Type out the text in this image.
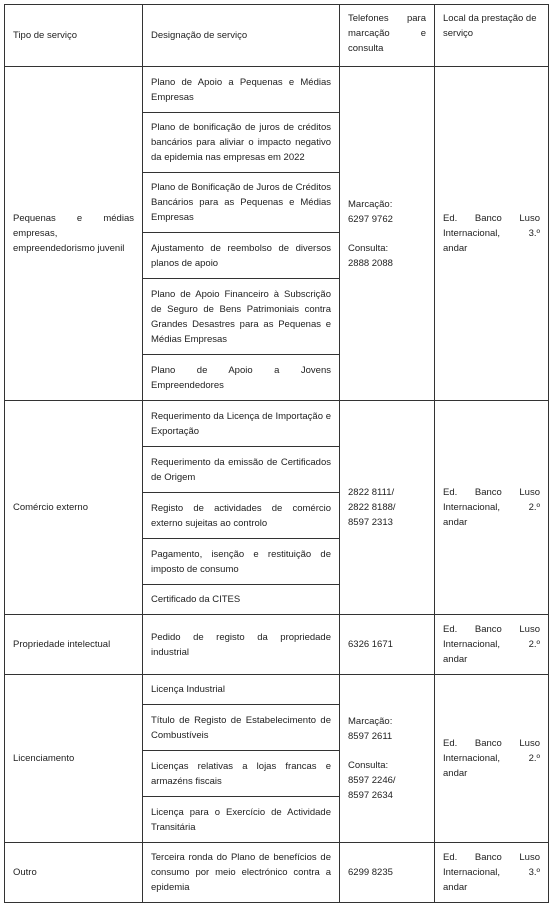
Tipo de serviço	Designação de serviço	Telefones para marcação e consulta	Local da prestação de serviço
Pequenas e médias empresas, empreendedorismo juvenil	Plano de Apoio a Pequenas e Médias Empresas	Marcação:
6297 9762
Consulta:
2888 2088	Ed. Banco Luso Internacional, 3.º andar
	Plano de bonificação de juros de créditos bancários para aliviar o impacto negativo da epidemia nas empresas em 2022		
	Plano de Bonificação de Juros de Créditos Bancários para as Pequenas e Médias Empresas		
	Ajustamento de reembolso de diversos planos de apoio		
	Plano de Apoio Financeiro à Subscrição de Seguro de Bens Patrimoniais contra Grandes Desastres para as Pequenas e Médias Empresas		
	Plano de Apoio a Jovens Empreendedores		
Comércio externo	Requerimento da Licença de Importação e Exportação	2822 8111/
2822 8188/
8597 2313	Ed. Banco Luso Internacional, 2.º andar
	Requerimento da emissão de Certificados de Origem		
	Registo de actividades de comércio externo sujeitas ao controlo		
	Pagamento, isenção e restituição de imposto de consumo		
	Certificado da CITES		
Propriedade intelectual	Pedido de registo da propriedade industrial	6326 1671	Ed. Banco Luso Internacional, 2.º andar
Licenciamento	Licença Industrial	Marcação:
8597 2611
Consulta:
8597 2246/
8597 2634	Ed. Banco Luso Internacional, 2.º andar
	Título de Registo de Estabelecimento de Combustíveis		
	Licenças relativas a lojas francas e armazéns fiscais		
	Licença para o Exercício de Actividade Transitária		
Outro	Terceira ronda do Plano de benefícios de consumo por meio electrónico contra a epidemia	6299 8235	Ed. Banco Luso Internacional, 3.º andar
